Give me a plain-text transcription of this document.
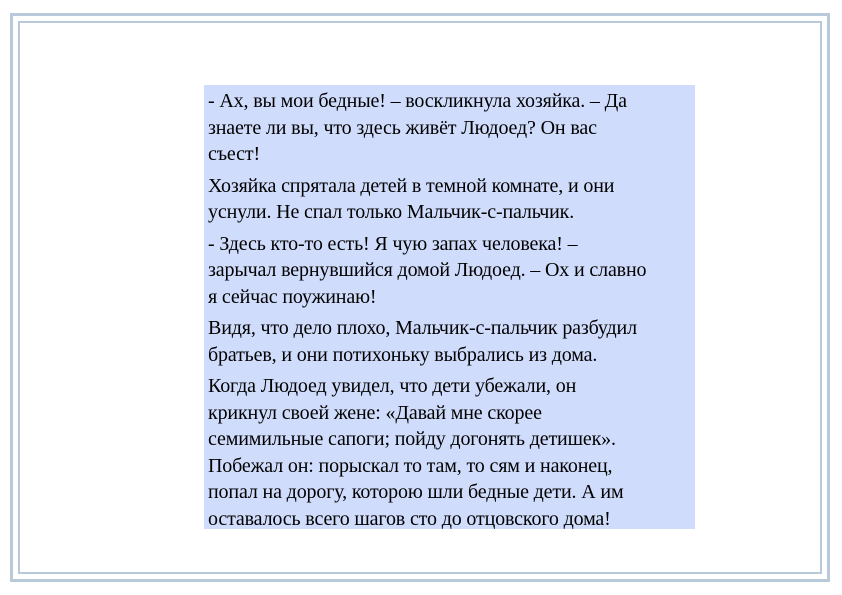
- Ах, вы мои бедные! – воскликнула хозяйка. – Да
знаете ли вы, что здесь живёт Людоед? Он вас
съест!

Хозяйка спрятала детей в темной комнате, и они
уснули. Не спал только Мальчик-с-пальчик.

- Здесь кто-то есть! Я чую запах человека! –
зарычал вернувшийся домой Людоед. – Ох и славно
я сейчас поужинаю!

Видя, что дело плохо, Мальчик-с-пальчик разбудил
братьев, и они потихоньку выбрались из дома.

Когда Людоед увидел, что дети убежали, он
крикнул своей жене: «Давай мне скорее
семимильные сапоги; пойду догонять детишек».
Побежал он: порыскал то там, то сям и наконец,
попал на дорогу, которою шли бедные дети. А им
оставалось всего шагов сто до отцовского дома!
